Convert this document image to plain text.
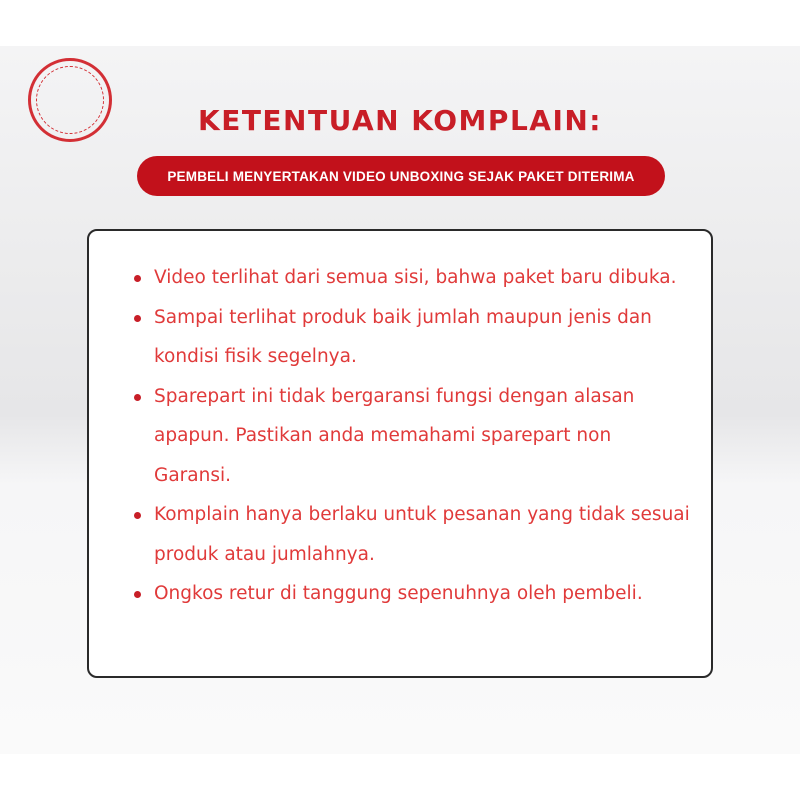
KETENTUAN KOMPLAIN:
PEMBELI MENYERTAKAN VIDEO UNBOXING SEJAK PAKET DITERIMA
Video terlihat dari semua sisi, bahwa paket baru dibuka.
Sampai terlihat produk baik jumlah maupun jenis dan kondisi fisik segelnya.
Sparepart ini tidak bergaransi fungsi dengan alasan apapun. Pastikan anda memahami sparepart non Garansi.
Komplain hanya berlaku untuk pesanan yang tidak sesuai produk atau jumlahnya.
Ongkos retur di tanggung sepenuhnya oleh pembeli.
